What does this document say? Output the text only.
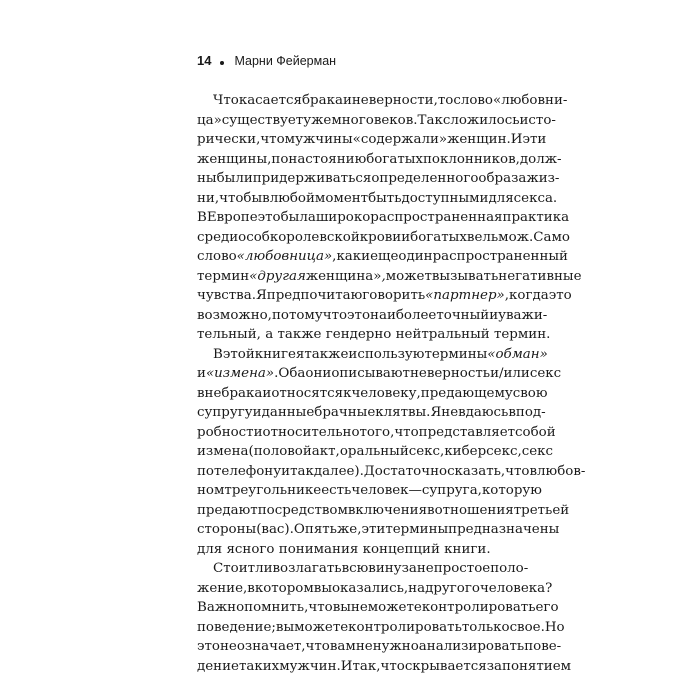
14 Марни Фейерман
Что касается брака и неверности, то слово «любовни-
ца» существует уже много веков. Так сложилось исто-
рически, что мужчины «содержали» женщин. И эти
женщины, по настоянию богатых поклонников, долж-
ны были придерживаться определенного образа жиз-
ни, чтобы в любой момент быть доступными для секса.
В Европе это была широко распространенная практика
среди особ королевской крови и богатых вельмож. Само
слово «любовница», как и еще один распространенный
термин «другая женщина», может вызывать негативные
чувства. Я предпочитаю говорить «партнер», когда это
возможно, потому что это наиболее точный и уважи-
тельный, а также гендерно нейтральный термин.
В этой книге я также использую термины «обман»
и «измена». Оба они описывают неверность и/или секс
вне брака и относятся к человеку, предающему свою
супругу и данные брачные клятвы. Я не вдаюсь в под-
робности относительно того, что представляет собой
измена (половой акт, оральный секс, киберсекс, секс
по телефону и так далее). Достаточно сказать, что в любов-
ном треугольнике есть человек — супруга, которую
предают посредством включения в отношения третьей
стороны (вас). Опять же, эти термины предназначены
для ясного понимания концепций книги.
Стоит ли возлагать всю вину за непростое поло-
жение, в котором вы оказались, на другого человека?
Важно помнить, что вы не можете контролировать его
поведение; вы можете контролировать только свое. Но
это не означает, что вам не нужно анализировать пове-
дение таких мужчин. Итак, что скрывается за понятием
